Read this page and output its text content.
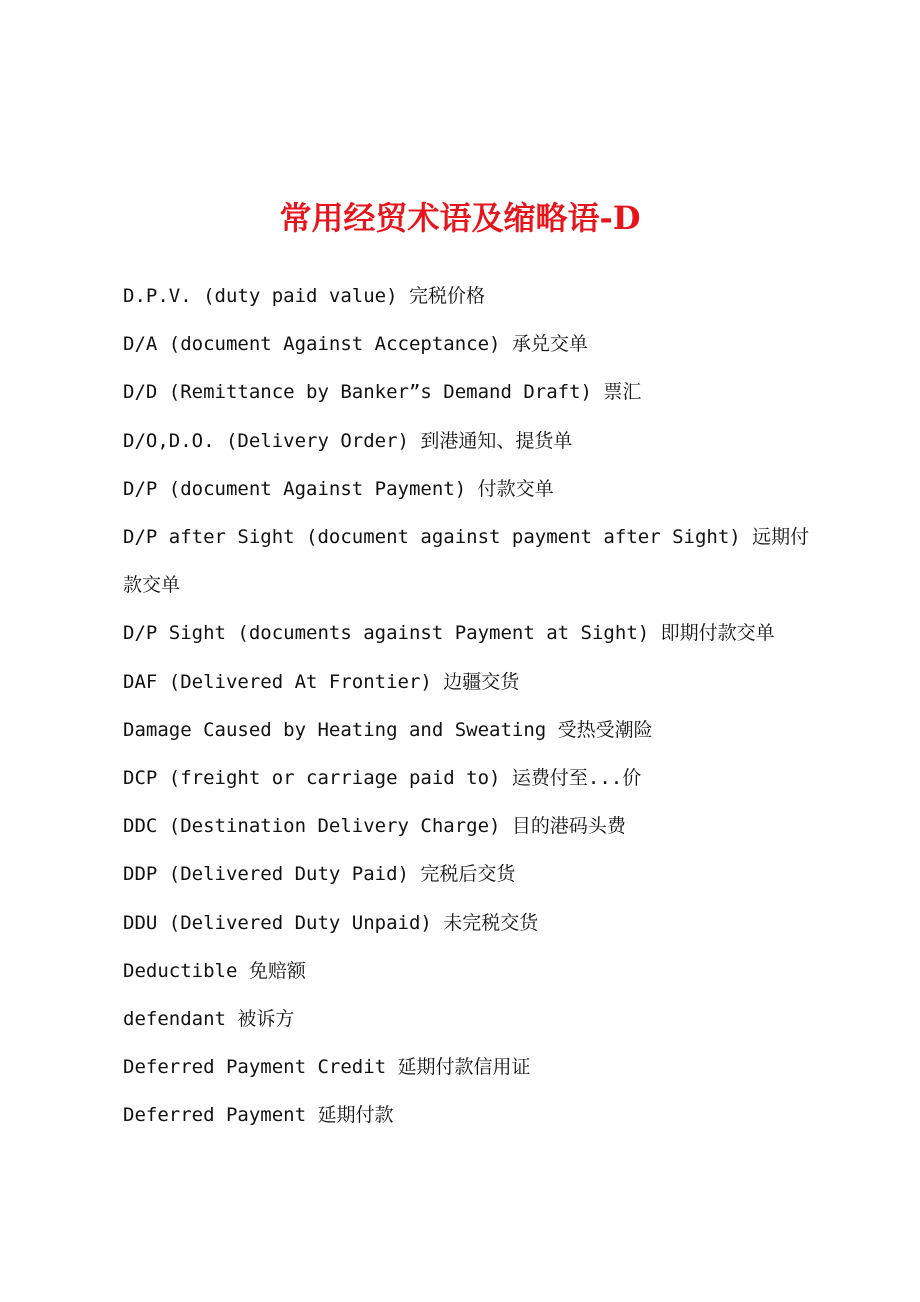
常用经贸术语及缩略语-D
D.P.V. (duty paid value) 完税价格
D/A (document Against Acceptance) 承兑交单
D/D (Remittance by Banker”s Demand Draft) 票汇
D/O,D.O. (Delivery Order) 到港通知、提货单
D/P (document Against Payment) 付款交单
D/P after Sight (document against payment after Sight) 远期付款交单
D/P Sight (documents against Payment at Sight) 即期付款交单
DAF (Delivered At Frontier) 边疆交货
Damage Caused by Heating and Sweating 受热受潮险
DCP (freight or carriage paid to) 运费付至...价
DDC (Destination Delivery Charge) 目的港码头费
DDP (Delivered Duty Paid) 完税后交货
DDU (Delivered Duty Unpaid) 未完税交货
Deductible 免赔额
defendant 被诉方
Deferred Payment Credit 延期付款信用证
Deferred Payment 延期付款
